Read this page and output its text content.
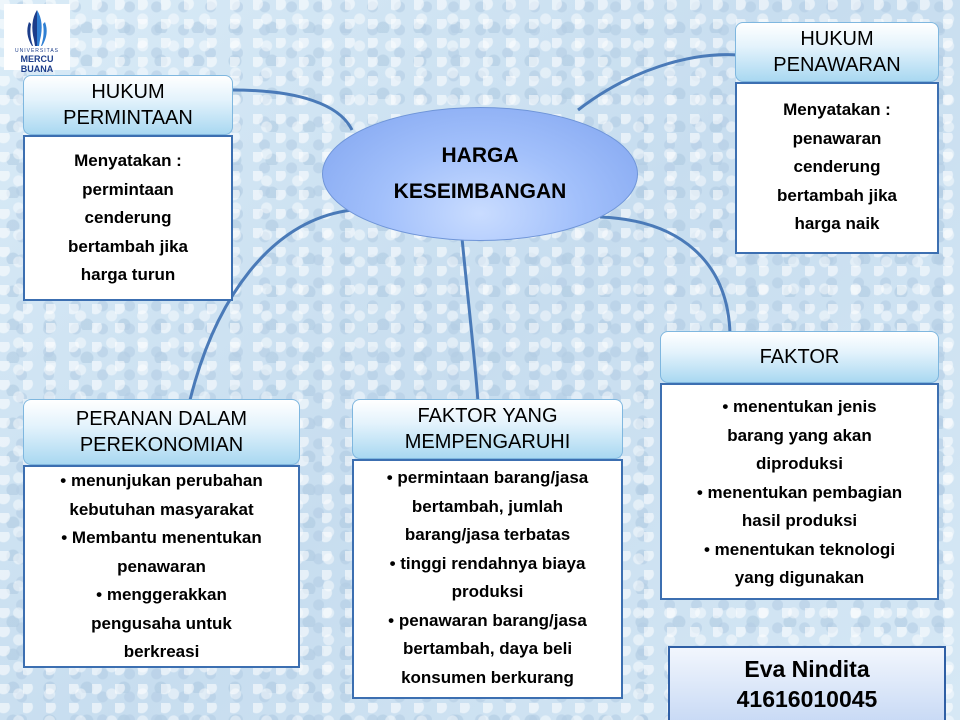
UNIVERSITAS
MERCU BUANA
HARGA
KESEIMBANGAN
HUKUM
PERMINTAAN
Menyatakan :
permintaan
cenderung
bertambah jika
harga turun
HUKUM
PENAWARAN
Menyatakan :
penawaran
cenderung
bertambah jika
harga naik
FAKTOR
• menentukan jenis
barang yang akan
diproduksi
• menentukan pembagian
hasil produksi
• menentukan teknologi
yang digunakan
PERANAN DALAM
PEREKONOMIAN
• menunjukan perubahan
kebutuhan masyarakat
• Membantu menentukan
penawaran
• menggerakkan
pengusaha untuk
berkreasi
FAKTOR YANG
MEMPENGARUHI
• permintaan barang/jasa
bertambah, jumlah
barang/jasa terbatas
• tinggi rendahnya biaya
produksi
• penawaran barang/jasa
bertambah, daya beli
konsumen berkurang	Eva Nindita
41616010045
